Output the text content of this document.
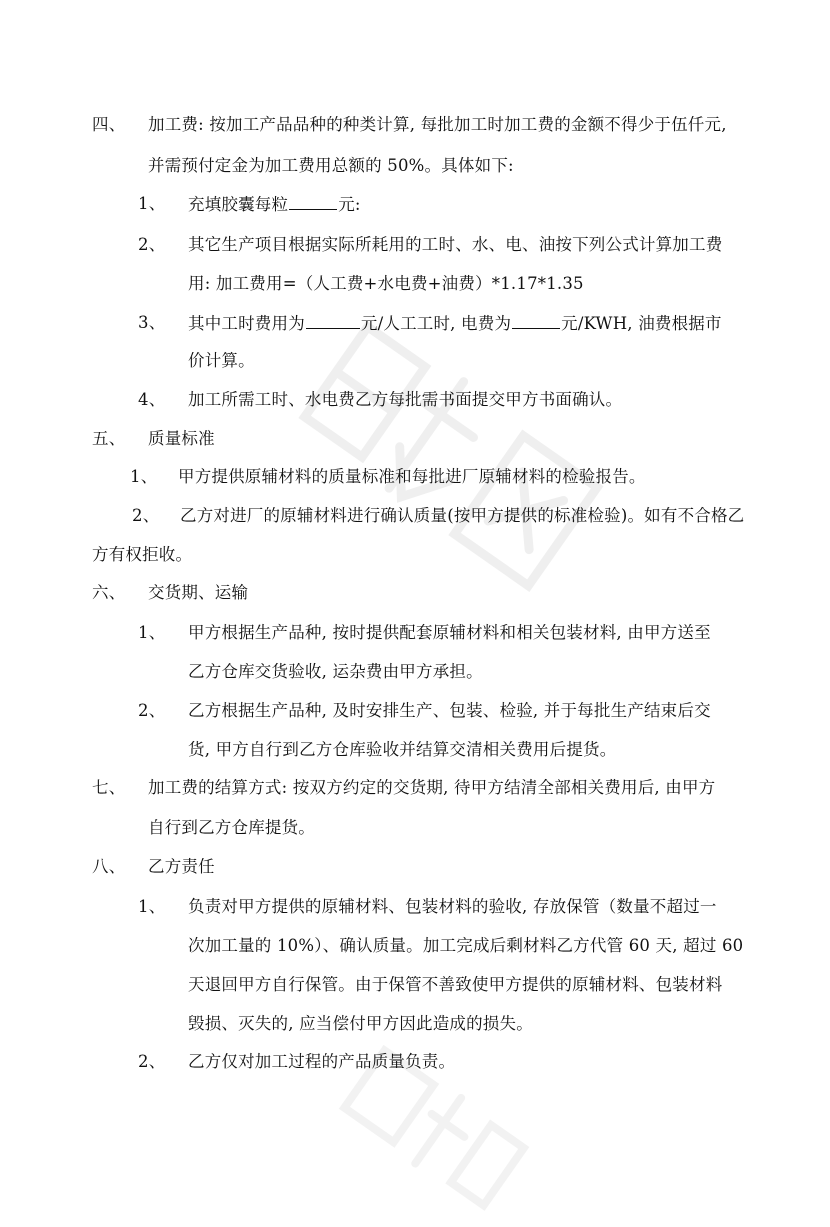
四、 加工费: 按加工产品品种的种类计算, 每批加工时加工费的金额不得少于伍仟元,
并需预付定金为加工费用总额的 50%。具体如下:
1、 充填胶囊每粒	元:
2、 其它生产项目根据实际所耗用的工时、水、电、油按下列公式计算加工费
用: 加工费用=（人工费+水电费+油费）*1.17*1.35
3、 其中工时费用为	元/人工工时, 电费为	元/KWH, 油费根据市
价计算。
4、 加工所需工时、水电费乙方每批需书面提交甲方书面确认。
五、 质量标准
1、 甲方提供原辅材料的质量标准和每批进厂原辅材料的检验报告。
2、 乙方对进厂的原辅材料进行确认质量(按甲方提供的标准检验)。如有不合格乙
方有权拒收。
六、 交货期、运输
1、 甲方根据生产品种, 按时提供配套原辅材料和相关包装材料, 由甲方送至
乙方仓库交货验收, 运杂费由甲方承担。
2、 乙方根据生产品种, 及时安排生产、包装、检验, 并于每批生产结束后交
货, 甲方自行到乙方仓库验收并结算交清相关费用后提货。
七、 加工费的结算方式: 按双方约定的交货期, 待甲方结清全部相关费用后, 由甲方
自行到乙方仓库提货。
八、 乙方责任
1、 负责对甲方提供的原辅材料、包装材料的验收, 存放保管（数量不超过一
次加工量的 10%）、确认质量。加工完成后剩材料乙方代管 60 天, 超过 60
天退回甲方自行保管。由于保管不善致使甲方提供的原辅材料、包装材料
毁损、灭失的, 应当偿付甲方因此造成的损失。
2、 乙方仅对加工过程的产品质量负责。
